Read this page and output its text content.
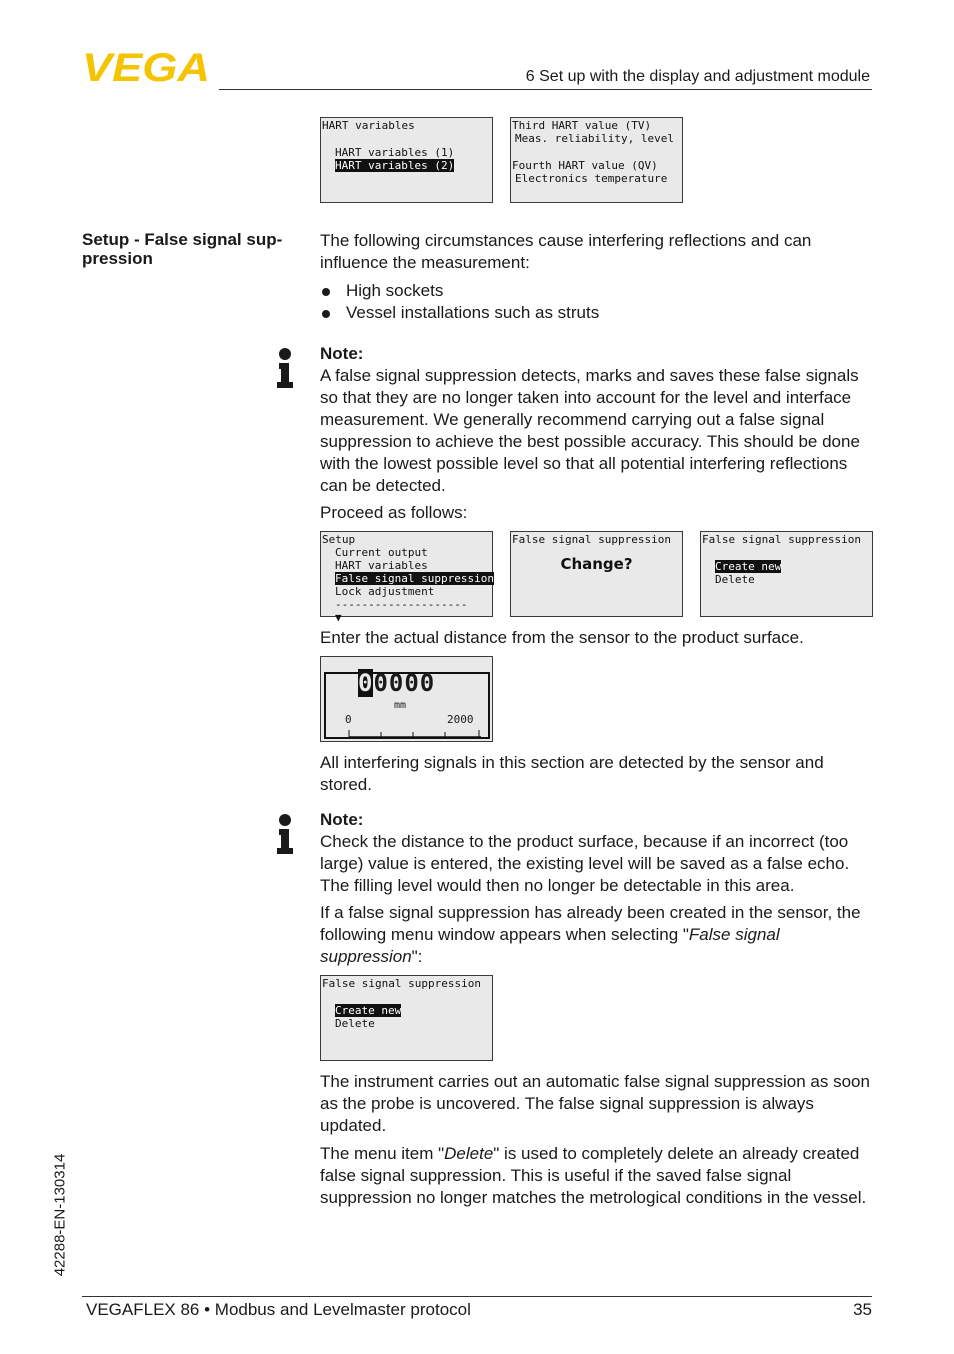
VEGA	6 Set up with the display and adjustment module
HART variables
HART variables (1)
HART variables (2)
Third HART value (TV)
Meas. reliability, level
Fourth HART value (QV)
Electronics temperature
Setup - False signal sup-pression
The following circumstances cause interfering reflections and can influence the measurement:
High sockets
Vessel installations such as struts
Note:
A false signal suppression detects, marks and saves these false signals so that they are no longer taken into account for the level and interface measurement. We generally recommend carrying out a false signal suppression to achieve the best possible accuracy. This should be done with the lowest possible level so that all potential interfering reflections can be detected.
Proceed as follows:
Setup
Current output
HART variables
False signal suppression
Lock adjustment
--------------------
▼
False signal suppression
Change?
False signal suppression
Create new
Delete
Enter the actual distance from the sensor to the product surface.
00000
mm
0	2000
All interfering signals in this section are detected by the sensor and stored.
Note:
Check the distance to the product surface, because if an incorrect (too large) value is entered, the existing level will be saved as a false echo. The filling level would then no longer be detectable in this area.
If a false signal suppression has already been created in the sensor, the following menu window appears when selecting "False signal suppression":
False signal suppression
Create new
Delete
The instrument carries out an automatic false signal suppression as soon as the probe is uncovered. The false signal suppression is always updated.
The menu item "Delete" is used to completely delete an already created false signal suppression. This is useful if the saved false signal suppression no longer matches the metrological conditions in the vessel.
42288-EN-130314
VEGAFLEX 86 • Modbus and Levelmaster protocol	35
